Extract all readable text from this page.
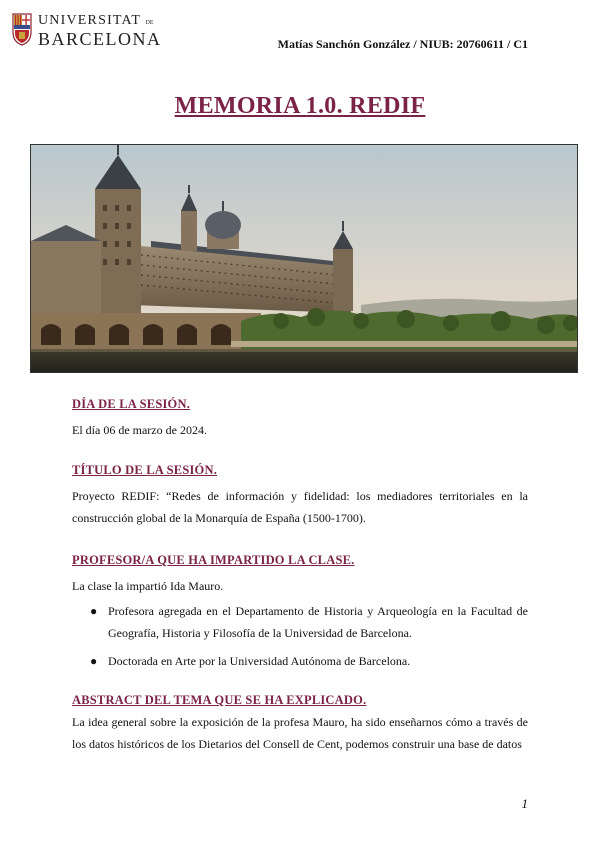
UNIVERSITAT DE
BARCELONA	Matías Sanchón González / NIUB: 20760611 / C1
MEMORIA 1.0. REDIF
DÍA DE LA SESIÓN.

El día 06 de marzo de 2024.

TÍTULO DE LA SESIÓN.

Proyecto REDIF: “Redes de información y fidelidad: los mediadores territoriales en la construcción global de la Monarquía de España (1500-1700).

PROFESOR/A QUE HA IMPARTIDO LA CLASE.

La clase la impartió Ida Mauro.

● Profesora agregada en el Departamento de Historia y Arqueología en la Facultad de Geografía, Historia y Filosofía de la Universidad de Barcelona.
● Doctorada en Arte por la Universidad Autónoma de Barcelona.
ABSTRACT DEL TEMA QUE SE HA EXPLICADO.

La idea general sobre la exposición de la profesa Mauro, ha sido enseñarnos cómo a través de los datos históricos de los Dietarios del Consell de Cent, podemos construir una base de datos

1
